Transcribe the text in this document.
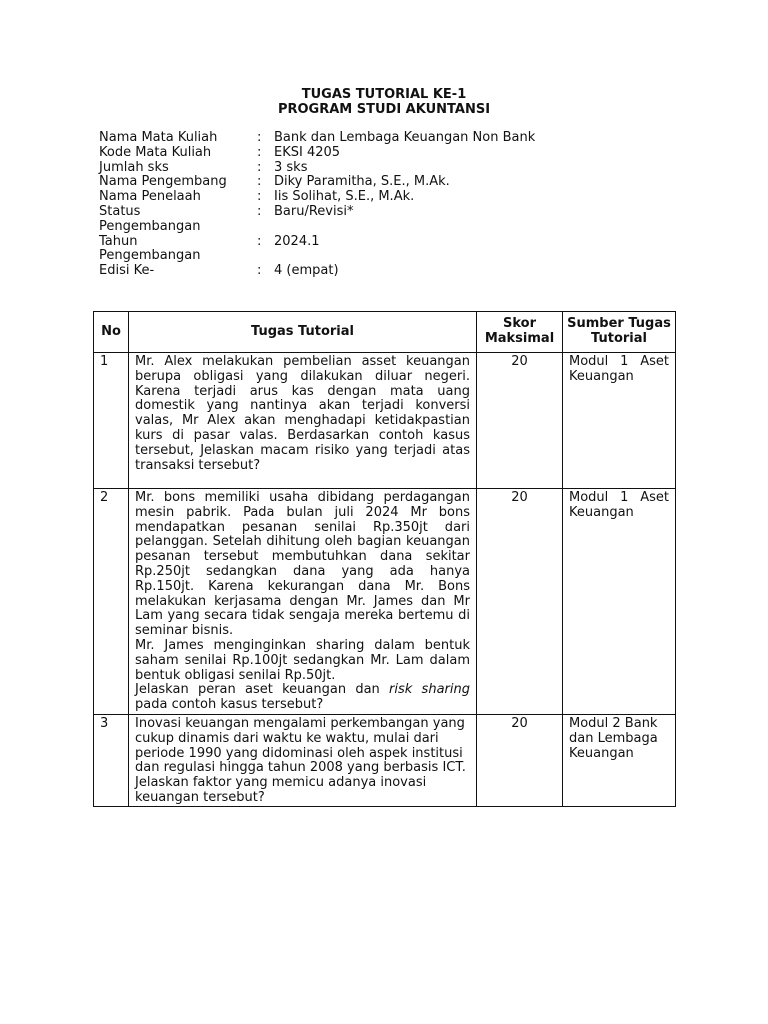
TUGAS TUTORIAL KE-1
PROGRAM STUDI AKUNTANSI
Nama Mata Kuliah	: Bank dan Lembaga Keuangan Non Bank
Kode Mata Kuliah	: EKSI 4205
Jumlah sks	: 3 sks
Nama Pengembang	: Diky Paramitha, S.E., M.Ak.
Nama Penelaah	: Iis Solihat, S.E., M.Ak.
Status	: Baru/Revisi*
Pengembangan
Tahun	: 2024.1
Pengembangan
Edisi Ke-	: 4 (empat)
No	Tugas Tutorial	Skor Maksimal	Sumber Tugas Tutorial
1	Mr. Alex melakukan pembelian asset keuangan berupa obligasi yang dilakukan diluar negeri. Karena terjadi arus kas dengan mata uang domestik yang nantinya akan terjadi konversi valas, Mr Alex akan menghadapi ketidakpastian kurs di pasar valas. Berdasarkan contoh kasus tersebut, Jelaskan macam risiko yang terjadi atas transaksi tersebut?	20	Modul 1 Aset Keuangan
2	Mr. bons memiliki usaha dibidang perdagangan mesin pabrik. Pada bulan juli 2024 Mr bons mendapatkan pesanan senilai Rp.350jt dari pelanggan. Setelah dihitung oleh bagian keuangan pesanan tersebut membutuhkan dana sekitar Rp.250jt sedangkan dana yang ada hanya Rp.150jt. Karena kekurangan dana Mr. Bons melakukan kerjasama dengan Mr. James dan Mr Lam yang secara tidak sengaja mereka bertemu di seminar bisnis.
Mr. James menginginkan sharing dalam bentuk saham senilai Rp.100jt sedangkan Mr. Lam dalam bentuk obligasi senilai Rp.50jt.
Jelaskan peran aset keuangan dan risk sharing pada contoh kasus tersebut?	20	Modul 1 Aset Keuangan
3	Inovasi keuangan mengalami perkembangan yang cukup dinamis dari waktu ke waktu, mulai dari periode 1990 yang didominasi oleh aspek institusi dan regulasi hingga tahun 2008 yang berbasis ICT. Jelaskan faktor yang memicu adanya inovasi keuangan tersebut?	20	Modul 2 Bank dan Lembaga Keuangan
